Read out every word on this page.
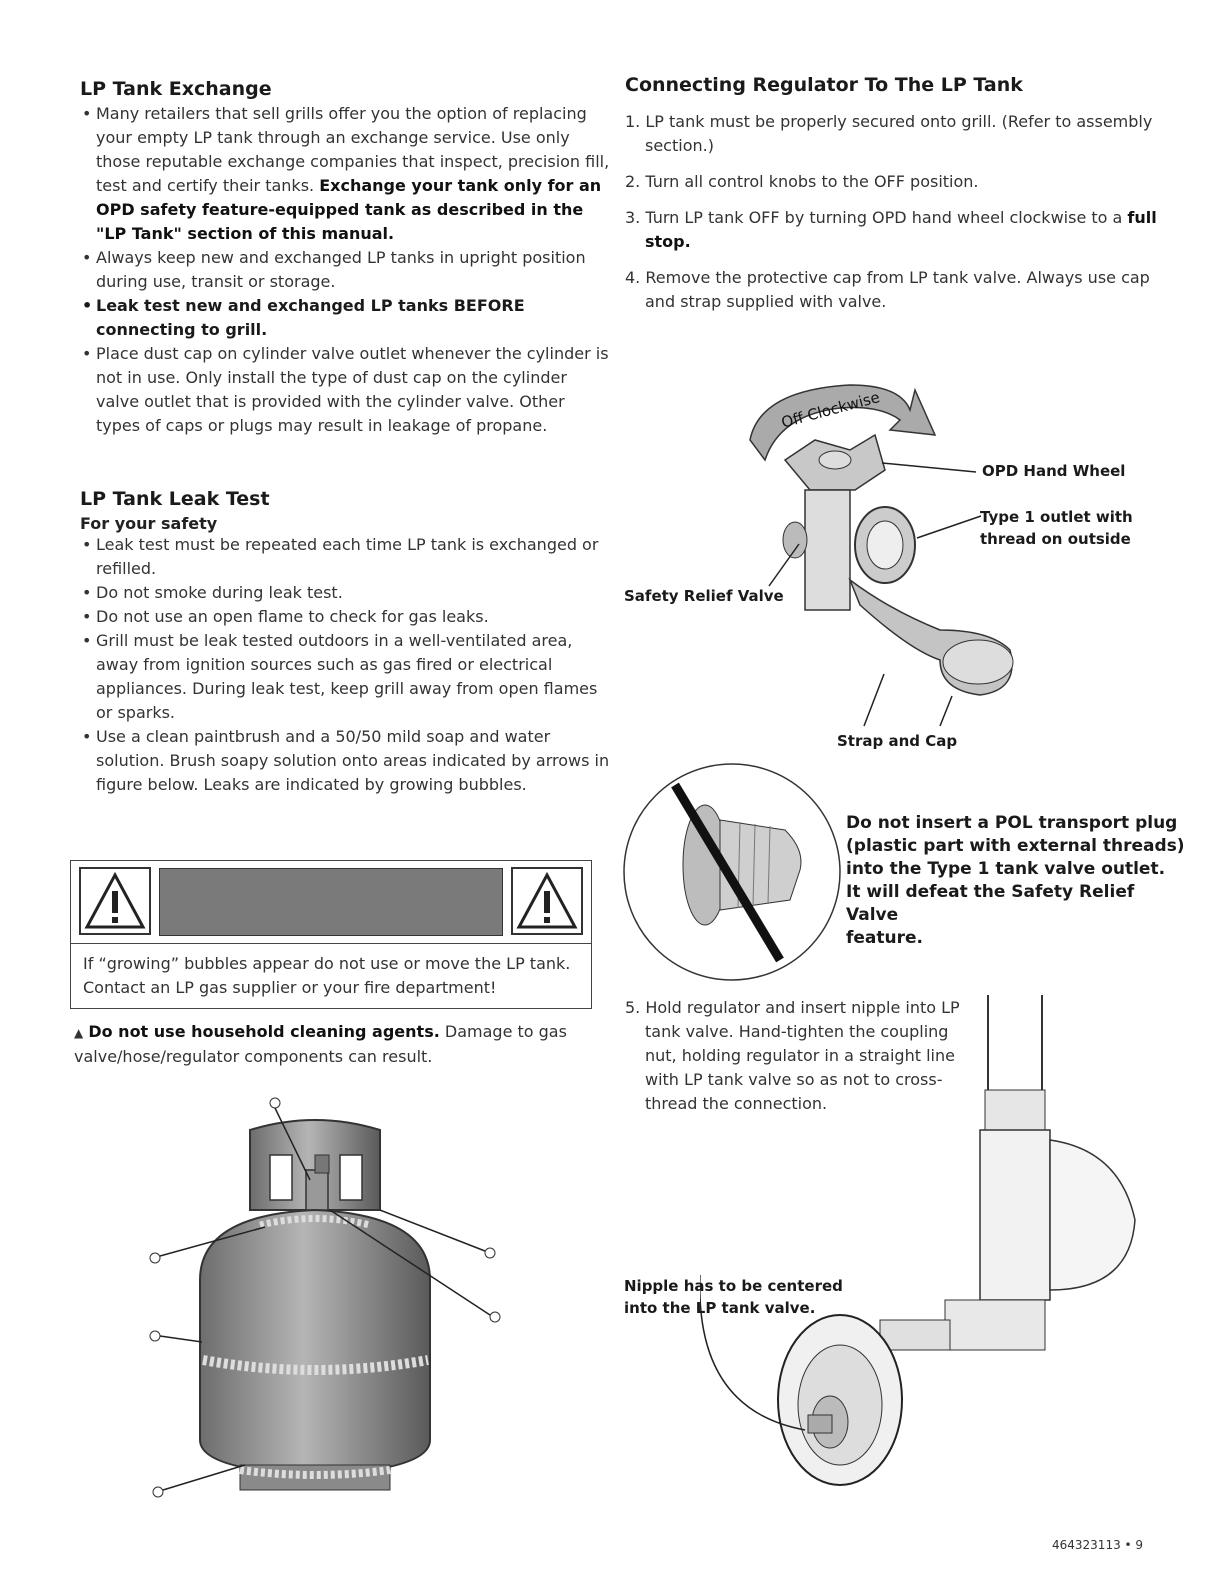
LP Tank Exchange
• Many retailers that sell grills offer you the option of replacing your empty LP tank through an exchange service. Use only those reputable exchange companies that inspect, precision fill, test and certify their tanks. Exchange your tank only for an OPD safety feature-equipped tank as described in the "LP Tank" section of this manual.
• Always keep new and exchanged LP tanks in upright position during use, transit or storage.
• Leak test new and exchanged LP tanks BEFORE connecting to grill.
• Place dust cap on cylinder valve outlet whenever the cylinder is not in use. Only install the type of dust cap on the cylinder valve outlet that is provided with the cylinder valve. Other types of caps or plugs may result in leakage of propane.
LP Tank Leak Test
For your safety
• Leak test must be repeated each time LP tank is exchanged or refilled.
• Do not smoke during leak test.
• Do not use an open flame to check for gas leaks.
• Grill must be leak tested outdoors in a well-ventilated area, away from ignition sources such as gas fired or electrical appliances. During leak test, keep grill away from open flames or sparks.
• Use a clean paintbrush and a 50/50 mild soap and water solution. Brush soapy solution onto areas indicated by arrows in figure below. Leaks are indicated by growing bubbles.
If “growing” bubbles appear do not use or move the LP tank. Contact an LP gas supplier or your fire department!
▲ Do not use household cleaning agents. Damage to gas valve/hose/regulator components can result.
Connecting Regulator To The LP Tank
1. LP tank must be properly secured onto grill. (Refer to assembly section.)
2. Turn all control knobs to the OFF position.
3. Turn LP tank OFF by turning OPD hand wheel clockwise to a full stop.
4. Remove the protective cap from LP tank valve. Always use cap and strap supplied with valve.
Off Clockwise
OPD Hand Wheel
Type 1 outlet with
thread on outside
Safety Relief Valve
Strap and Cap
Do not insert a POL transport plug
(plastic part with external threads)
into the Type 1 tank valve outlet.
It will defeat the Safety Relief Valve
feature.
5. Hold regulator and insert nipple into LP
tank valve. Hand-tighten the coupling
nut, holding regulator in a straight line
with LP tank valve so as not to cross-
thread the connection.
Nipple has to be centered
into the LP tank valve.
464323113 • 9
